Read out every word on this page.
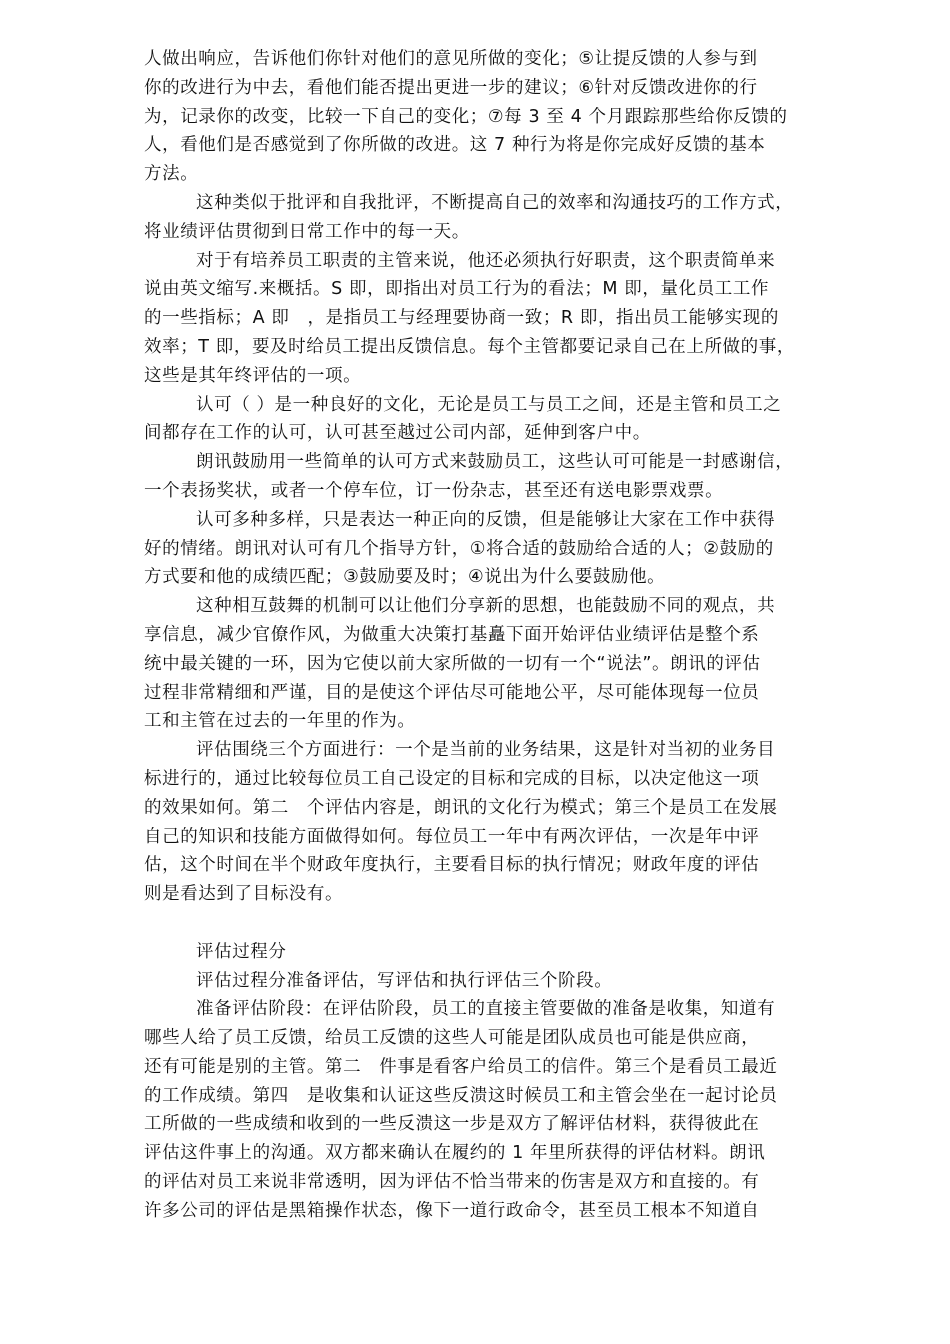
人做出响应，告诉他们你针对他们的意见所做的变化；⑤让提反馈的人参与到
你的改进行为中去，看他们能否提出更进一步的建议；⑥针对反馈改进你的行
为，记录你的改变，比较一下自己的变化；⑦每 3 至 4 个月跟踪那些给你反馈的
人，看他们是否感觉到了你所做的改进。这 7 种行为将是你完成好反馈的基本
方法。
这种类似于批评和自我批评，不断提高自己的效率和沟通技巧的工作方式，
将业绩评估贯彻到日常工作中的每一天。
对于有培养员工职责的主管来说，他还必须执行好职责，这个职责简单来
说由英文缩写.来概括。S 即，即指出对员工行为的看法；M 即，量化员工工作
的一些指标；A 即　，是指员工与经理要协商一致；R 即，指出员工能够实现的
效率；T 即，要及时给员工提出反馈信息。每个主管都要记录自己在上所做的事，
这些是其年终评估的一项。
认可（ ）是一种良好的文化，无论是员工与员工之间，还是主管和员工之
间都存在工作的认可，认可甚至越过公司内部，延伸到客户中。
朗讯鼓励用一些简单的认可方式来鼓励员工，这些认可可能是一封感谢信，
一个表扬奖状，或者一个停车位，订一份杂志，甚至还有送电影票戏票。
认可多种多样，只是表达一种正向的反馈，但是能够让大家在工作中获得
好的情绪。朗讯对认可有几个指导方针，①将合适的鼓励给合适的人；②鼓励的
方式要和他的成绩匹配；③鼓励要及时；④说出为什么要鼓励他。
这种相互鼓舞的机制可以让他们分享新的思想，也能鼓励不同的观点，共
享信息，减少官僚作风，为做重大决策打基矗下面开始评估业绩评估是整个系
统中最关键的一环，因为它使以前大家所做的一切有一个“说法”。朗讯的评估
过程非常精细和严谨，目的是使这个评估尽可能地公平，尽可能体现每一位员
工和主管在过去的一年里的作为。
评估围绕三个方面进行：一个是当前的业务结果，这是针对当初的业务目
标进行的，通过比较每位员工自己设定的目标和完成的目标，以决定他这一项
的效果如何。第二　个评估内容是，朗讯的文化行为模式；第三个是员工在发展
自己的知识和技能方面做得如何。每位员工一年中有两次评估，一次是年中评
估，这个时间在半个财政年度执行，主要看目标的执行情况；财政年度的评估
则是看达到了目标没有。
评估过程分
评估过程分准备评估，写评估和执行评估三个阶段。
准备评估阶段：在评估阶段，员工的直接主管要做的准备是收集，知道有
哪些人给了员工反馈，给员工反馈的这些人可能是团队成员也可能是供应商，
还有可能是别的主管。第二　件事是看客户给员工的信件。第三个是看员工最近
的工作成绩。第四　是收集和认证这些反溃这时候员工和主管会坐在一起讨论员
工所做的一些成绩和收到的一些反溃这一步是双方了解评估材料，获得彼此在
评估这件事上的沟通。双方都来确认在履约的 1 年里所获得的评估材料。朗讯
的评估对员工来说非常透明，因为评估不恰当带来的伤害是双方和直接的。有
许多公司的评估是黑箱操作状态，像下一道行政命令，甚至员工根本不知道自
